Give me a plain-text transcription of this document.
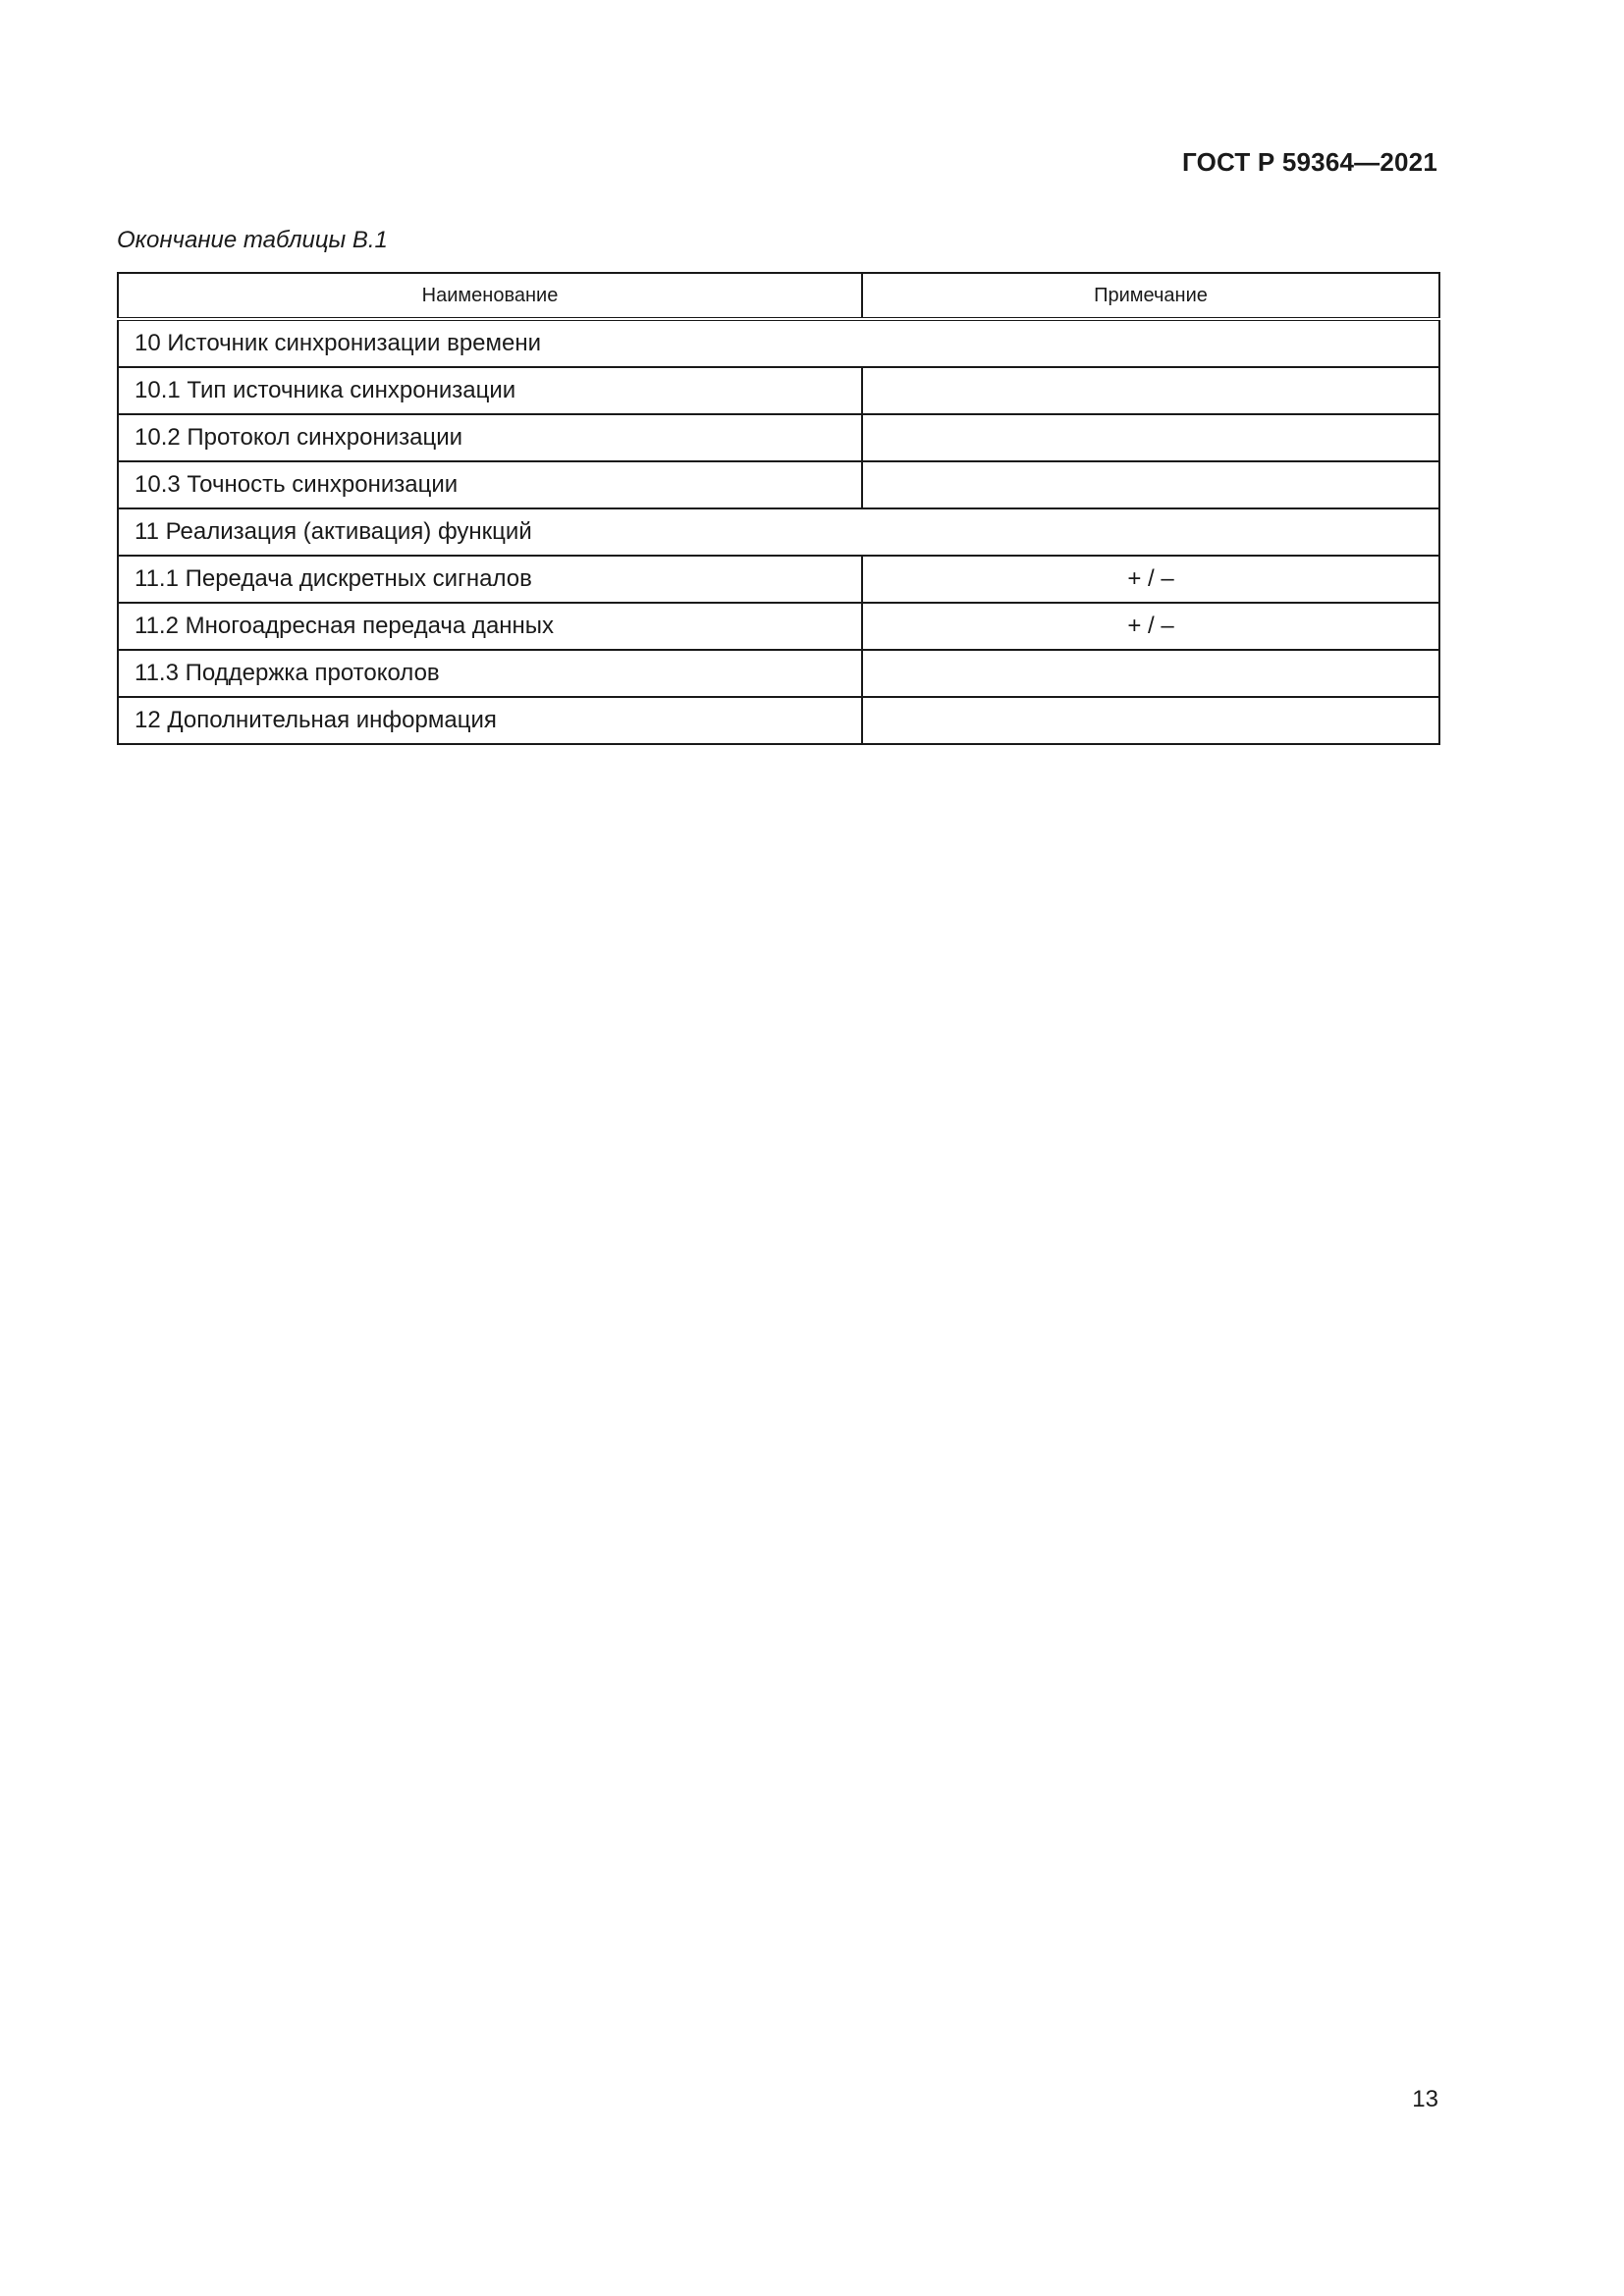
ГОСТ Р 59364—2021
Окончание таблицы В.1
Наименование	Примечание
10 Источник синхронизации времени	
10.1 Тип источника синхронизации	
10.2 Протокол синхронизации	
10.3 Точность синхронизации	
11 Реализация (активация) функций	
11.1 Передача дискретных сигналов	+ / –
11.2 Многоадресная передача данных	+ / –
11.3 Поддержка протоколов	
12 Дополнительная информация	
13
